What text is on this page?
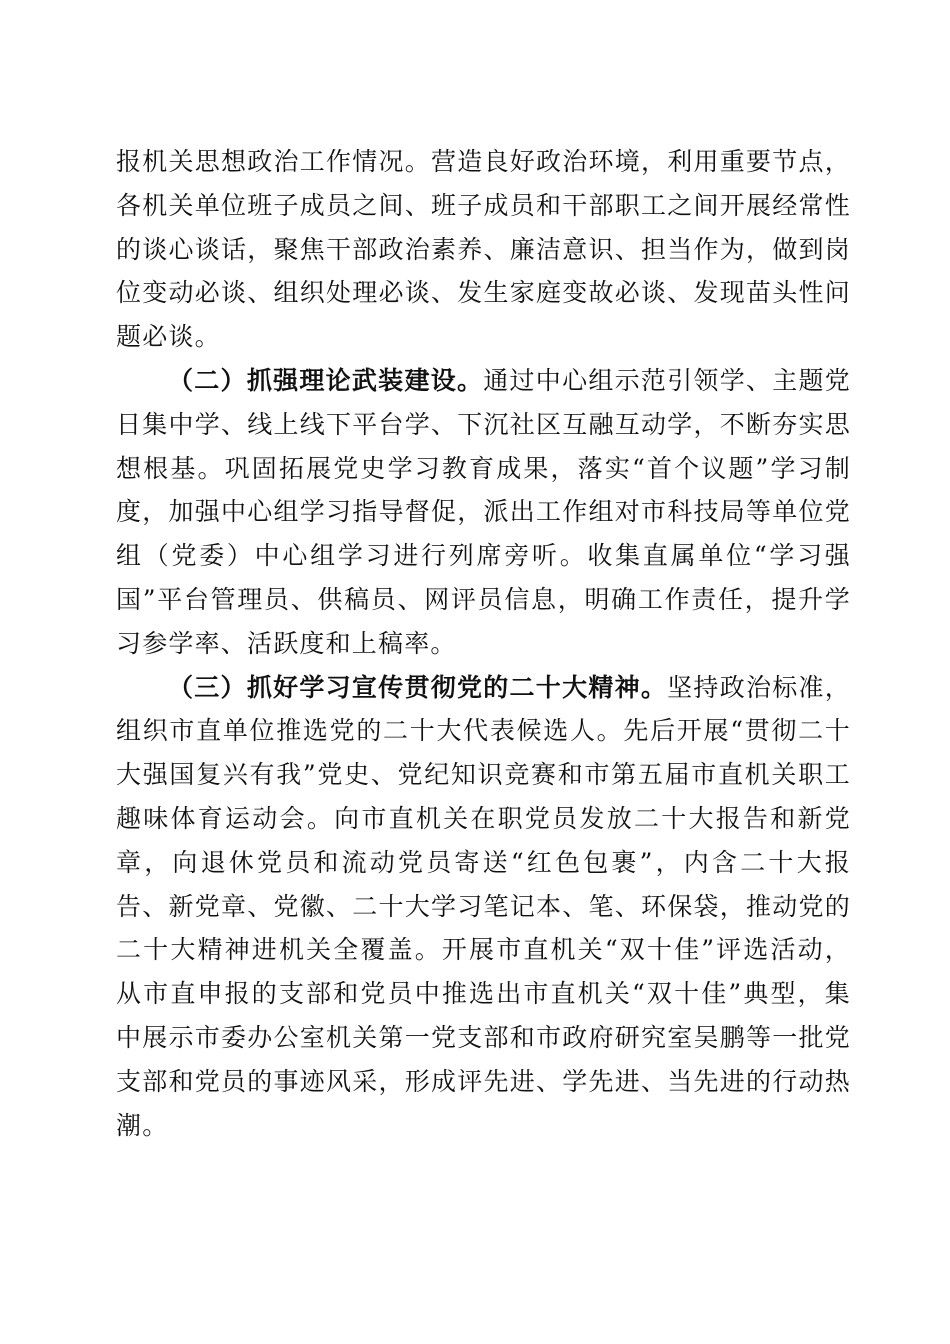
报机关思想政治工作情况。营造良好政治环境，利用重要节点，各机关单位班子成员之间、班子成员和干部职工之间开展经常性的谈心谈话，聚焦干部政治素养、廉洁意识、担当作为，做到岗位变动必谈、组织处理必谈、发生家庭变故必谈、发现苗头性问题必谈。

（二）抓强理论武装建设。通过中心组示范引领学、主题党日集中学、线上线下平台学、下沉社区互融互动学，不断夯实思想根基。巩固拓展党史学习教育成果，落实“首个议题”学习制度，加强中心组学习指导督促，派出工作组对市科技局等单位党组（党委）中心组学习进行列席旁听。收集直属单位“学习强国”平台管理员、供稿员、网评员信息，明确工作责任，提升学习参学率、活跃度和上稿率。

（三）抓好学习宣传贯彻党的二十大精神。坚持政治标准，组织市直单位推选党的二十大代表候选人。先后开展“贯彻二十大强国复兴有我”党史、党纪知识竞赛和市第五届市直机关职工趣味体育运动会。向市直机关在职党员发放二十大报告和新党章，向退休党员和流动党员寄送“红色包裹”，内含二十大报告、新党章、党徽、二十大学习笔记本、笔、环保袋，推动党的二十大精神进机关全覆盖。开展市直机关“双十佳”评选活动，从市直申报的支部和党员中推选出市直机关“双十佳”典型，集中展示市委办公室机关第一党支部和市政府研究室吴鹏等一批党支部和党员的事迹风采，形成评先进、学先进、当先进的行动热潮。
